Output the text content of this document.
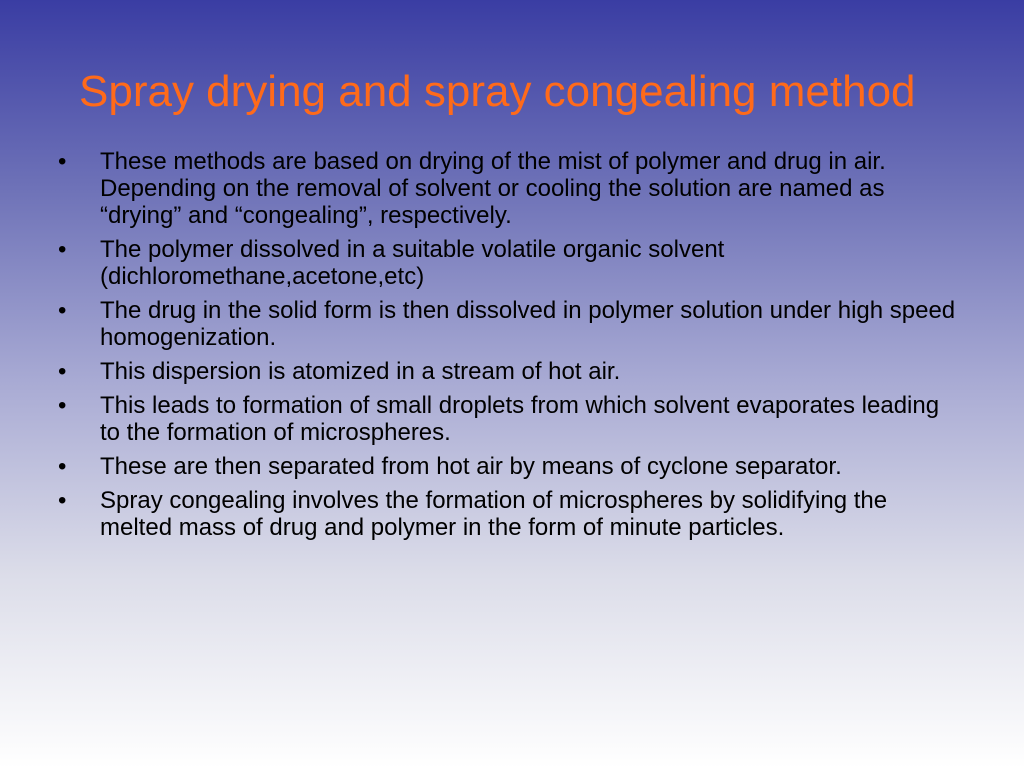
Spray drying and spray congealing method
•	These methods are based on drying of the mist of polymer and drug in air. Depending on the removal of solvent or cooling the solution are named as “drying” and “congealing”, respectively.
•	The polymer dissolved in a suitable volatile organic solvent (dichloromethane,acetone,etc)
•	The drug in the solid form is then dissolved in polymer solution under high speed homogenization.
•	This dispersion is atomized in a stream of hot air.
•	This leads to formation of small droplets from which solvent evaporates leading to the formation of microspheres.
•	These are then separated from hot air by means of cyclone separator.
•	Spray congealing involves the formation of microspheres by solidifying the melted mass of drug and polymer in the form of minute particles.
